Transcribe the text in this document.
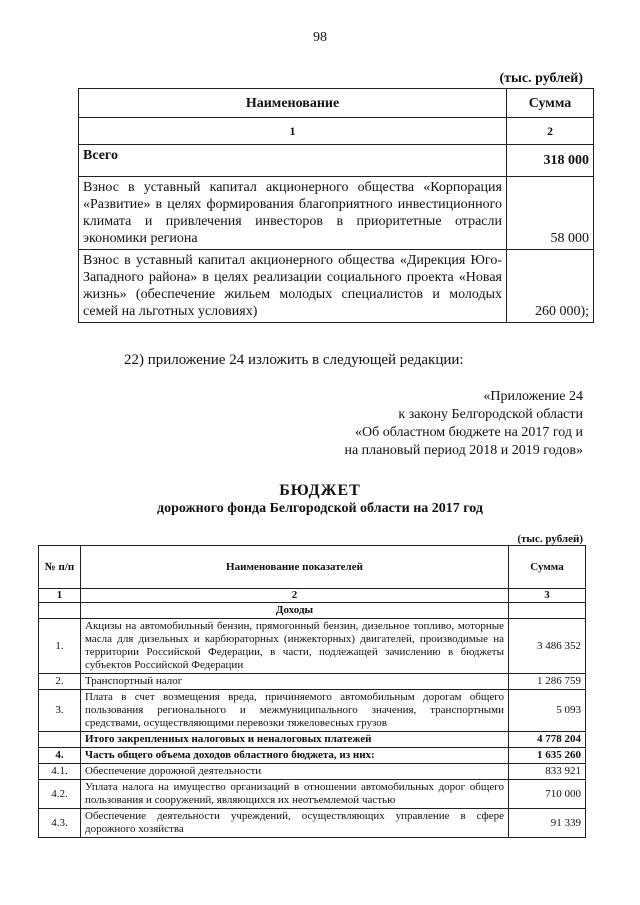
98
(тыс. рублей)
Наименование	Сумма
1	2
Всего	318 000
Взнос в уставный капитал акционерного общества «Корпорация «Развитие» в целях формирования благоприятного инвестиционного климата и привлечения инвесторов в приоритетные отрасли экономики региона	58 000
Взнос в уставный капитал акционерного общества «Дирекция Юго-Западного района» в целях реализации социального проекта «Новая жизнь» (обеспечение жильем молодых специалистов и молодых семей на льготных условиях)	260 000);
22) приложение 24 изложить в следующей редакции:
«Приложение 24
к закону Белгородской области
«Об областном бюджете на 2017 год и
на плановый период 2018 и 2019 годов»
БЮДЖЕТ
дорожного фонда Белгородской области на 2017 год
(тыс. рублей)
№ п/п	Наименование показателей	Сумма
1	2	3
	Доходы	
1.	Акцизы на автомобильный бензин, прямогонный бензин, дизельное топливо, моторные масла для дизельных и карбюраторных (инжекторных) двигателей, производимые на территории Российской Федерации, в части, подлежащей зачислению в бюджеты субъектов Российской Федерации	3 486 352
2.	Транспортный налог	1 286 759
3.	Плата в счет возмещения вреда, причиняемого автомобильным дорогам общего пользования регионального и межмуниципального значения, транспортными средствами, осуществляющими перевозки тяжеловесных грузов	5 093
	Итого закрепленных налоговых и неналоговых платежей	4 778 204
4.	Часть общего объема доходов областного бюджета, из них:	1 635 260
4.1.	Обеспечение дорожной деятельности	833 921
4.2.	Уплата налога на имущество организаций в отношении автомобильных дорог общего пользования и сооружений, являющихся их неотъемлемой частью	710 000
4.3.	Обеспечение деятельности учреждений, осуществляющих управление в сфере дорожного хозяйства	91 339
